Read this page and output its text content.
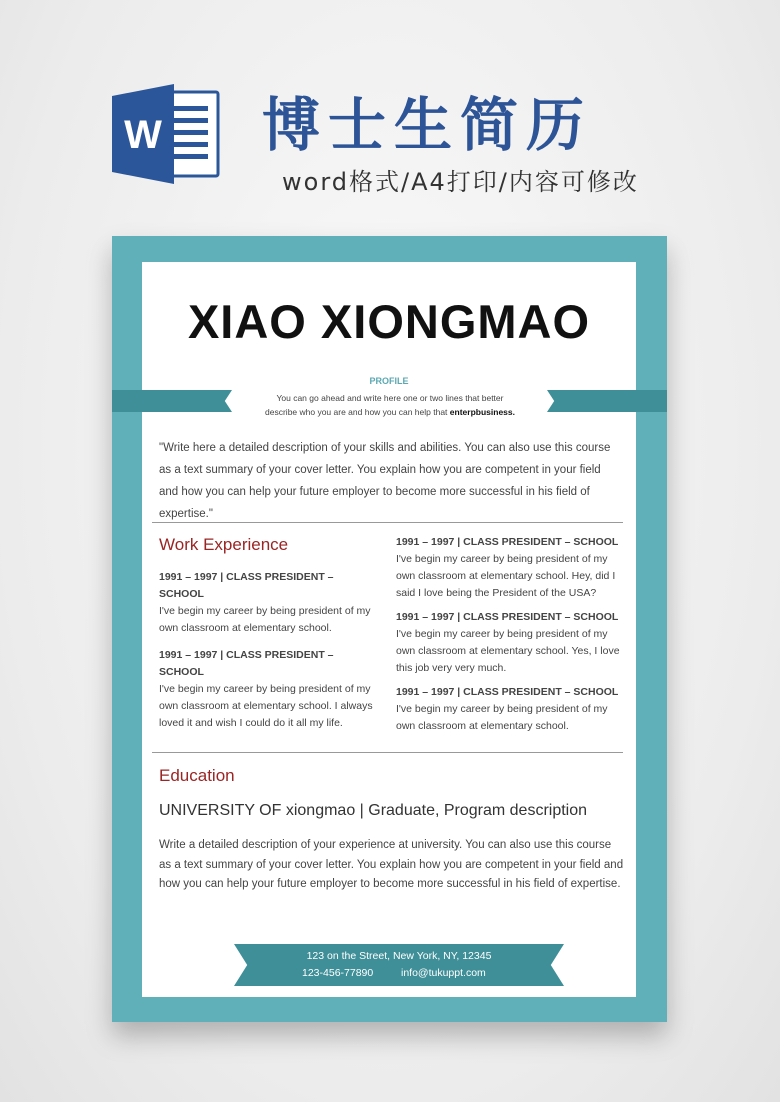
W 博士生简历
word格式/A4打印/内容可修改
XIAO XIONGMAO
PROFILE
You can go ahead and write here one or two lines that better
describe who you are and how you can help that enterpbusiness.
"Write here a detailed description of your skills and abilities. You can also use this course as a text summary of your cover letter. You explain how you are competent in your field and how you can help your future employer to become more successful in his field of expertise."
Work Experience
1991 – 1997 | CLASS PRESIDENT – SCHOOL
I've begin my career by being president of my own classroom at elementary school.
1991 – 1997 | CLASS PRESIDENT – SCHOOL
I've begin my career by being president of my own classroom at elementary school. I always loved it and wish I could do it all my life.
1991 – 1997 | CLASS PRESIDENT – SCHOOL
I've begin my career by being president of my own classroom at elementary school. Hey, did I said I love being the President of the USA?
1991 – 1997 | CLASS PRESIDENT – SCHOOL
I've begin my career by being president of my own classroom at elementary school. Yes, I love this job very very much.
1991 – 1997 | CLASS PRESIDENT – SCHOOL
I've begin my career by being president of my own classroom at elementary school.
Education
UNIVERSITY OF xiongmao | Graduate, Program description
Write a detailed description of your experience at university. You can also use this course as a text summary of your cover letter. You explain how you are competent in your field and how you can help your future employer to become more successful in his field of expertise.
123 on the Street, New York, NY, 12345
123-456-77890	info@tukuppt.com
